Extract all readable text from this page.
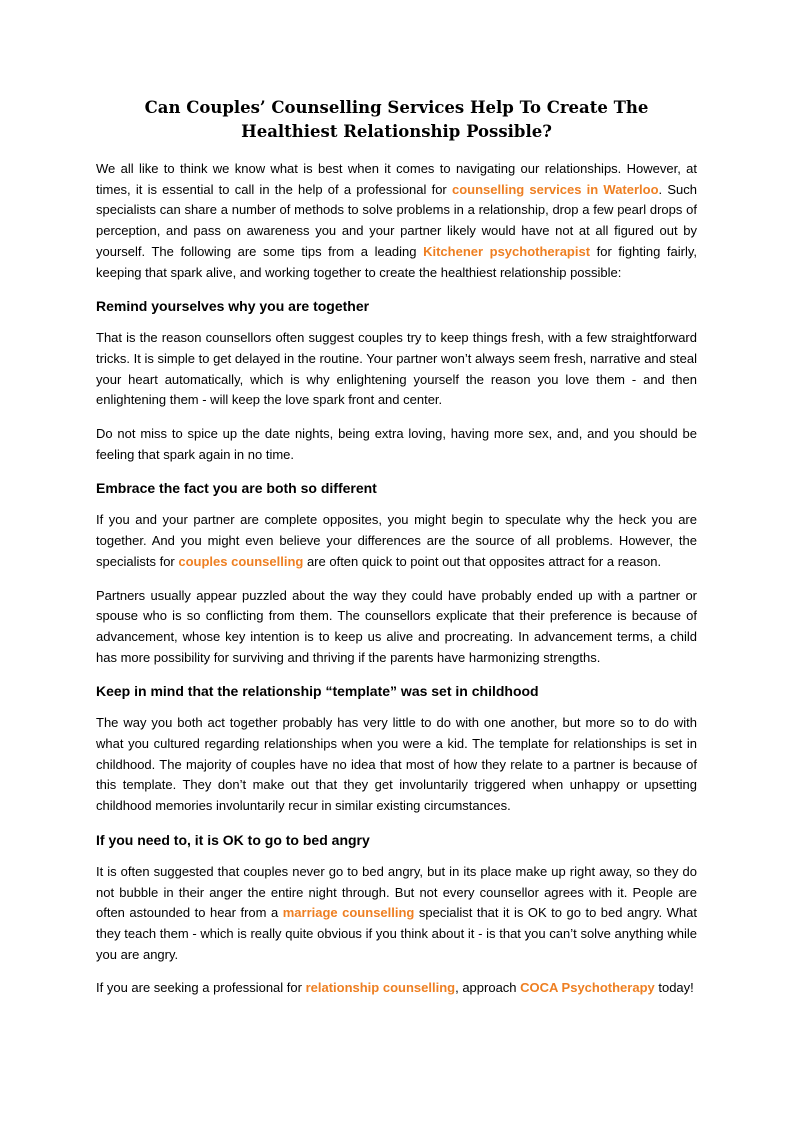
Can Couples’ Counselling Services Help To Create The Healthiest Relationship Possible?

We all like to think we know what is best when it comes to navigating our relationships. However, at times, it is essential to call in the help of a professional for counselling services in Waterloo. Such specialists can share a number of methods to solve problems in a relationship, drop a few pearl drops of perception, and pass on awareness you and your partner likely would have not at all figured out by yourself. The following are some tips from a leading Kitchener psychotherapist for fighting fairly, keeping that spark alive, and working together to create the healthiest relationship possible:

Remind yourselves why you are together

That is the reason counsellors often suggest couples try to keep things fresh, with a few straightforward tricks. It is simple to get delayed in the routine. Your partner won’t always seem fresh, narrative and steal your heart automatically, which is why enlightening yourself the reason you love them - and then enlightening them - will keep the love spark front and center.

Do not miss to spice up the date nights, being extra loving, having more sex, and, and you should be feeling that spark again in no time.

Embrace the fact you are both so different

If you and your partner are complete opposites, you might begin to speculate why the heck you are together. And you might even believe your differences are the source of all problems. However, the specialists for couples counselling are often quick to point out that opposites attract for a reason.

Partners usually appear puzzled about the way they could have probably ended up with a partner or spouse who is so conflicting from them. The counsellors explicate that their preference is because of advancement, whose key intention is to keep us alive and procreating. In advancement terms, a child has more possibility for surviving and thriving if the parents have harmonizing strengths.

Keep in mind that the relationship “template” was set in childhood

The way you both act together probably has very little to do with one another, but more so to do with what you cultured regarding relationships when you were a kid. The template for relationships is set in childhood. The majority of couples have no idea that most of how they relate to a partner is because of this template. They don’t make out that they get involuntarily triggered when unhappy or upsetting childhood memories involuntarily recur in similar existing circumstances.

If you need to, it is OK to go to bed angry

It is often suggested that couples never go to bed angry, but in its place make up right away, so they do not bubble in their anger the entire night through. But not every counsellor agrees with it. People are often astounded to hear from a marriage counselling specialist that it is OK to go to bed angry. What they teach them - which is really quite obvious if you think about it - is that you can’t solve anything while you are angry.

If you are seeking a professional for relationship counselling, approach COCA Psychotherapy today!
